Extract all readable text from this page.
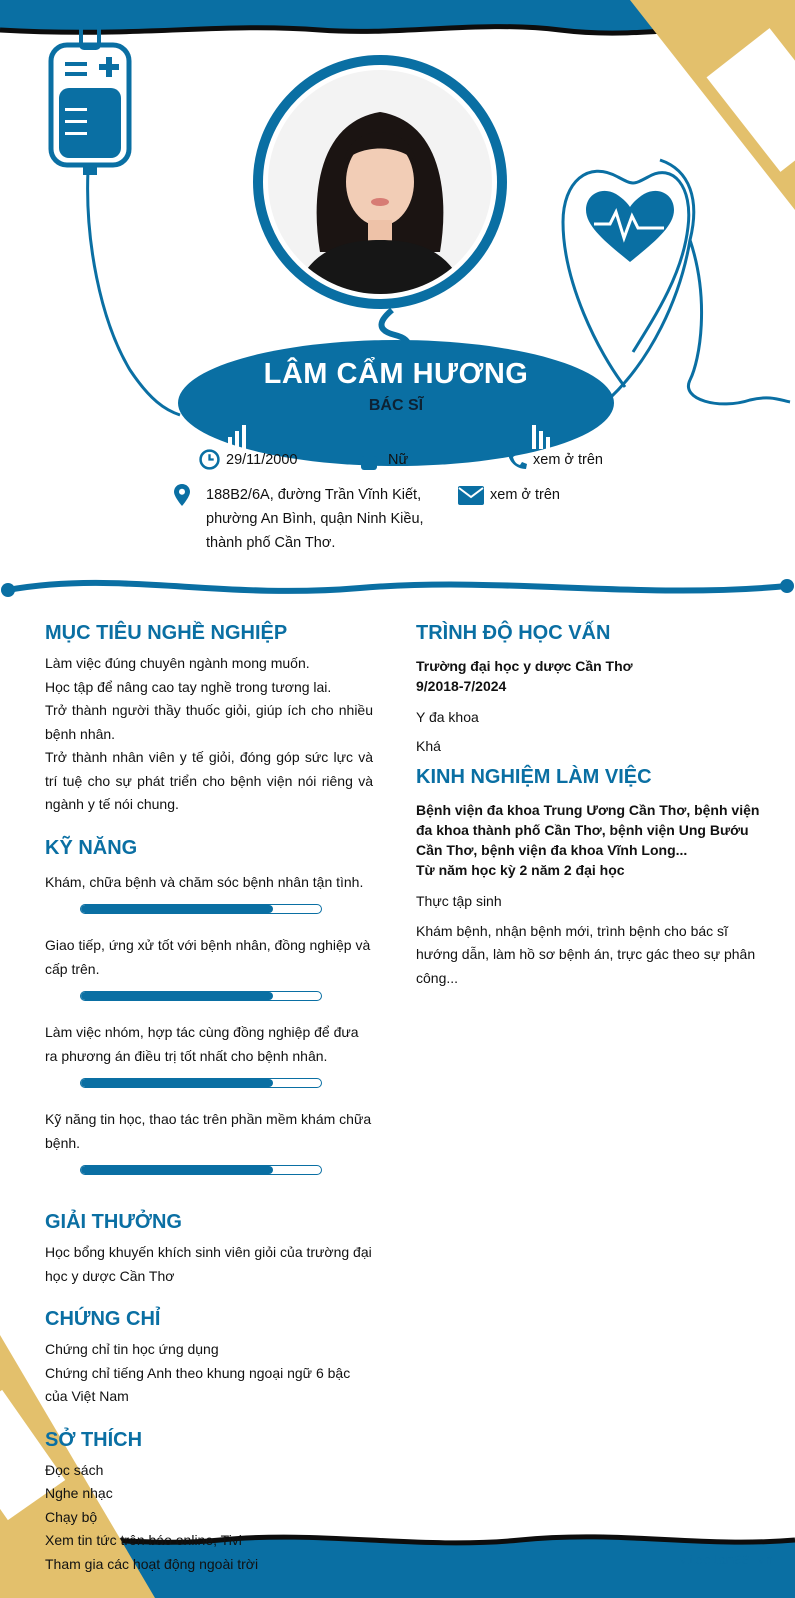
LÂM CẨM HƯƠNG
BÁC SĨ
29/11/2000	Nữ	xem ở trên
188B2/6A, đường Trần Vĩnh Kiết,
phường An Bình, quận Ninh Kiều,
thành phố Cần Thơ.
xem ở trên
MỤC TIÊU NGHỀ NGHIỆP

Làm việc đúng chuyên ngành mong muốn.

Học tập để nâng cao tay nghề trong tương lai.

Trở thành người thầy thuốc giỏi, giúp ích cho nhiều bệnh nhân.

Trở thành nhân viên y tế giỏi, đóng góp sức lực và trí tuệ cho sự phát triển cho bệnh viện nói riêng và ngành y tế nói chung.

KỸ NĂNG

Khám, chữa bệnh và chăm sóc bệnh nhân tận tình.

Giao tiếp, ứng xử tốt với bệnh nhân, đồng nghiệp và cấp trên.

Làm việc nhóm, hợp tác cùng đồng nghiệp để đưa ra phương án điều trị tốt nhất cho bệnh nhân.

Kỹ năng tin học, thao tác trên phần mềm khám chữa bệnh.

GIẢI THƯỞNG

Học bổng khuyến khích sinh viên giỏi của trường đại học y dược Cần Thơ

CHỨNG CHỈ

Chứng chỉ tin học ứng dụng

Chứng chỉ tiếng Anh theo khung ngoại ngữ 6 bậc của Việt Nam

SỞ THÍCH

Đọc sách

Nghe nhạc

Chạy bộ

Xem tin tức trên báo online, Tivi

Tham gia các hoạt động ngoài trời

TRÌNH ĐỘ HỌC VẤN

Trường đại học y dược Cần Thơ

9/2018-7/2024

Y đa khoa

Khá

KINH NGHIỆM LÀM VIỆC

Bệnh viện đa khoa Trung Ương Cần Thơ, bệnh viện đa khoa thành phố Cần Thơ, bệnh viện Ung Bướu Cần Thơ, bệnh viện đa khoa Vĩnh Long...

Từ năm học kỳ 2 năm 2 đại học

Thực tập sinh

Khám bệnh, nhận bệnh mới, trình bệnh cho bác sĩ hướng dẫn, làm hồ sơ bệnh án, trực gác theo sự phân công...

vieclam88.vn
